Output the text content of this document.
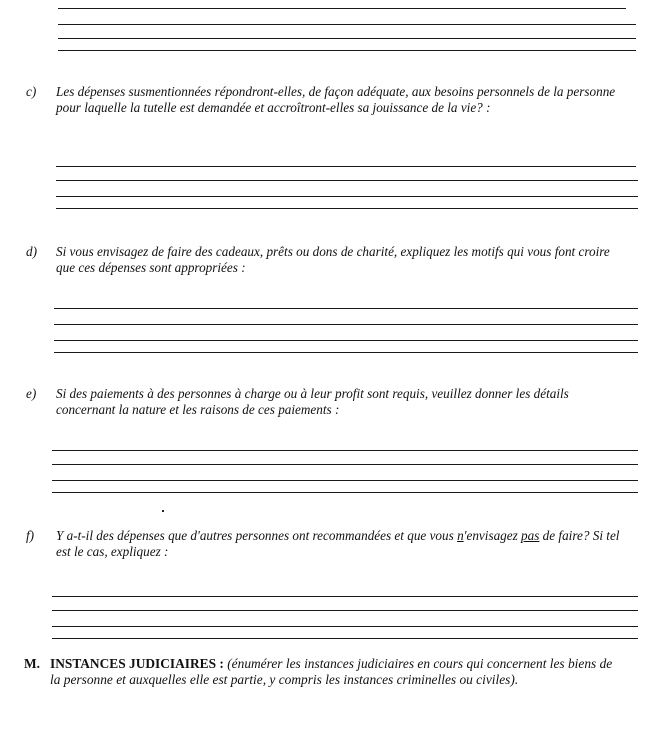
c) Les dépenses susmentionnées répondront-elles, de façon adéquate, aux besoins personnels de la personne pour laquelle la tutelle est demandée et accroîtront-elles sa jouissance de la vie? :
d) Si vous envisagez de faire des cadeaux, prêts ou dons de charité, expliquez les motifs qui vous font croire que ces dépenses sont appropriées :
e) Si des paiements à des personnes à charge ou à leur profit sont requis, veuillez donner les détails concernant la nature et les raisons de ces paiements :
f) Y a-t-il des dépenses que d'autres personnes ont recommandées et que vous n'envisagez pas de faire? Si tel est le cas, expliquez :
M. INSTANCES JUDICIAIRES : (énumérer les instances judiciaires en cours qui concernent les biens de la personne et auxquelles elle est partie, y compris les instances criminelles ou civiles).
